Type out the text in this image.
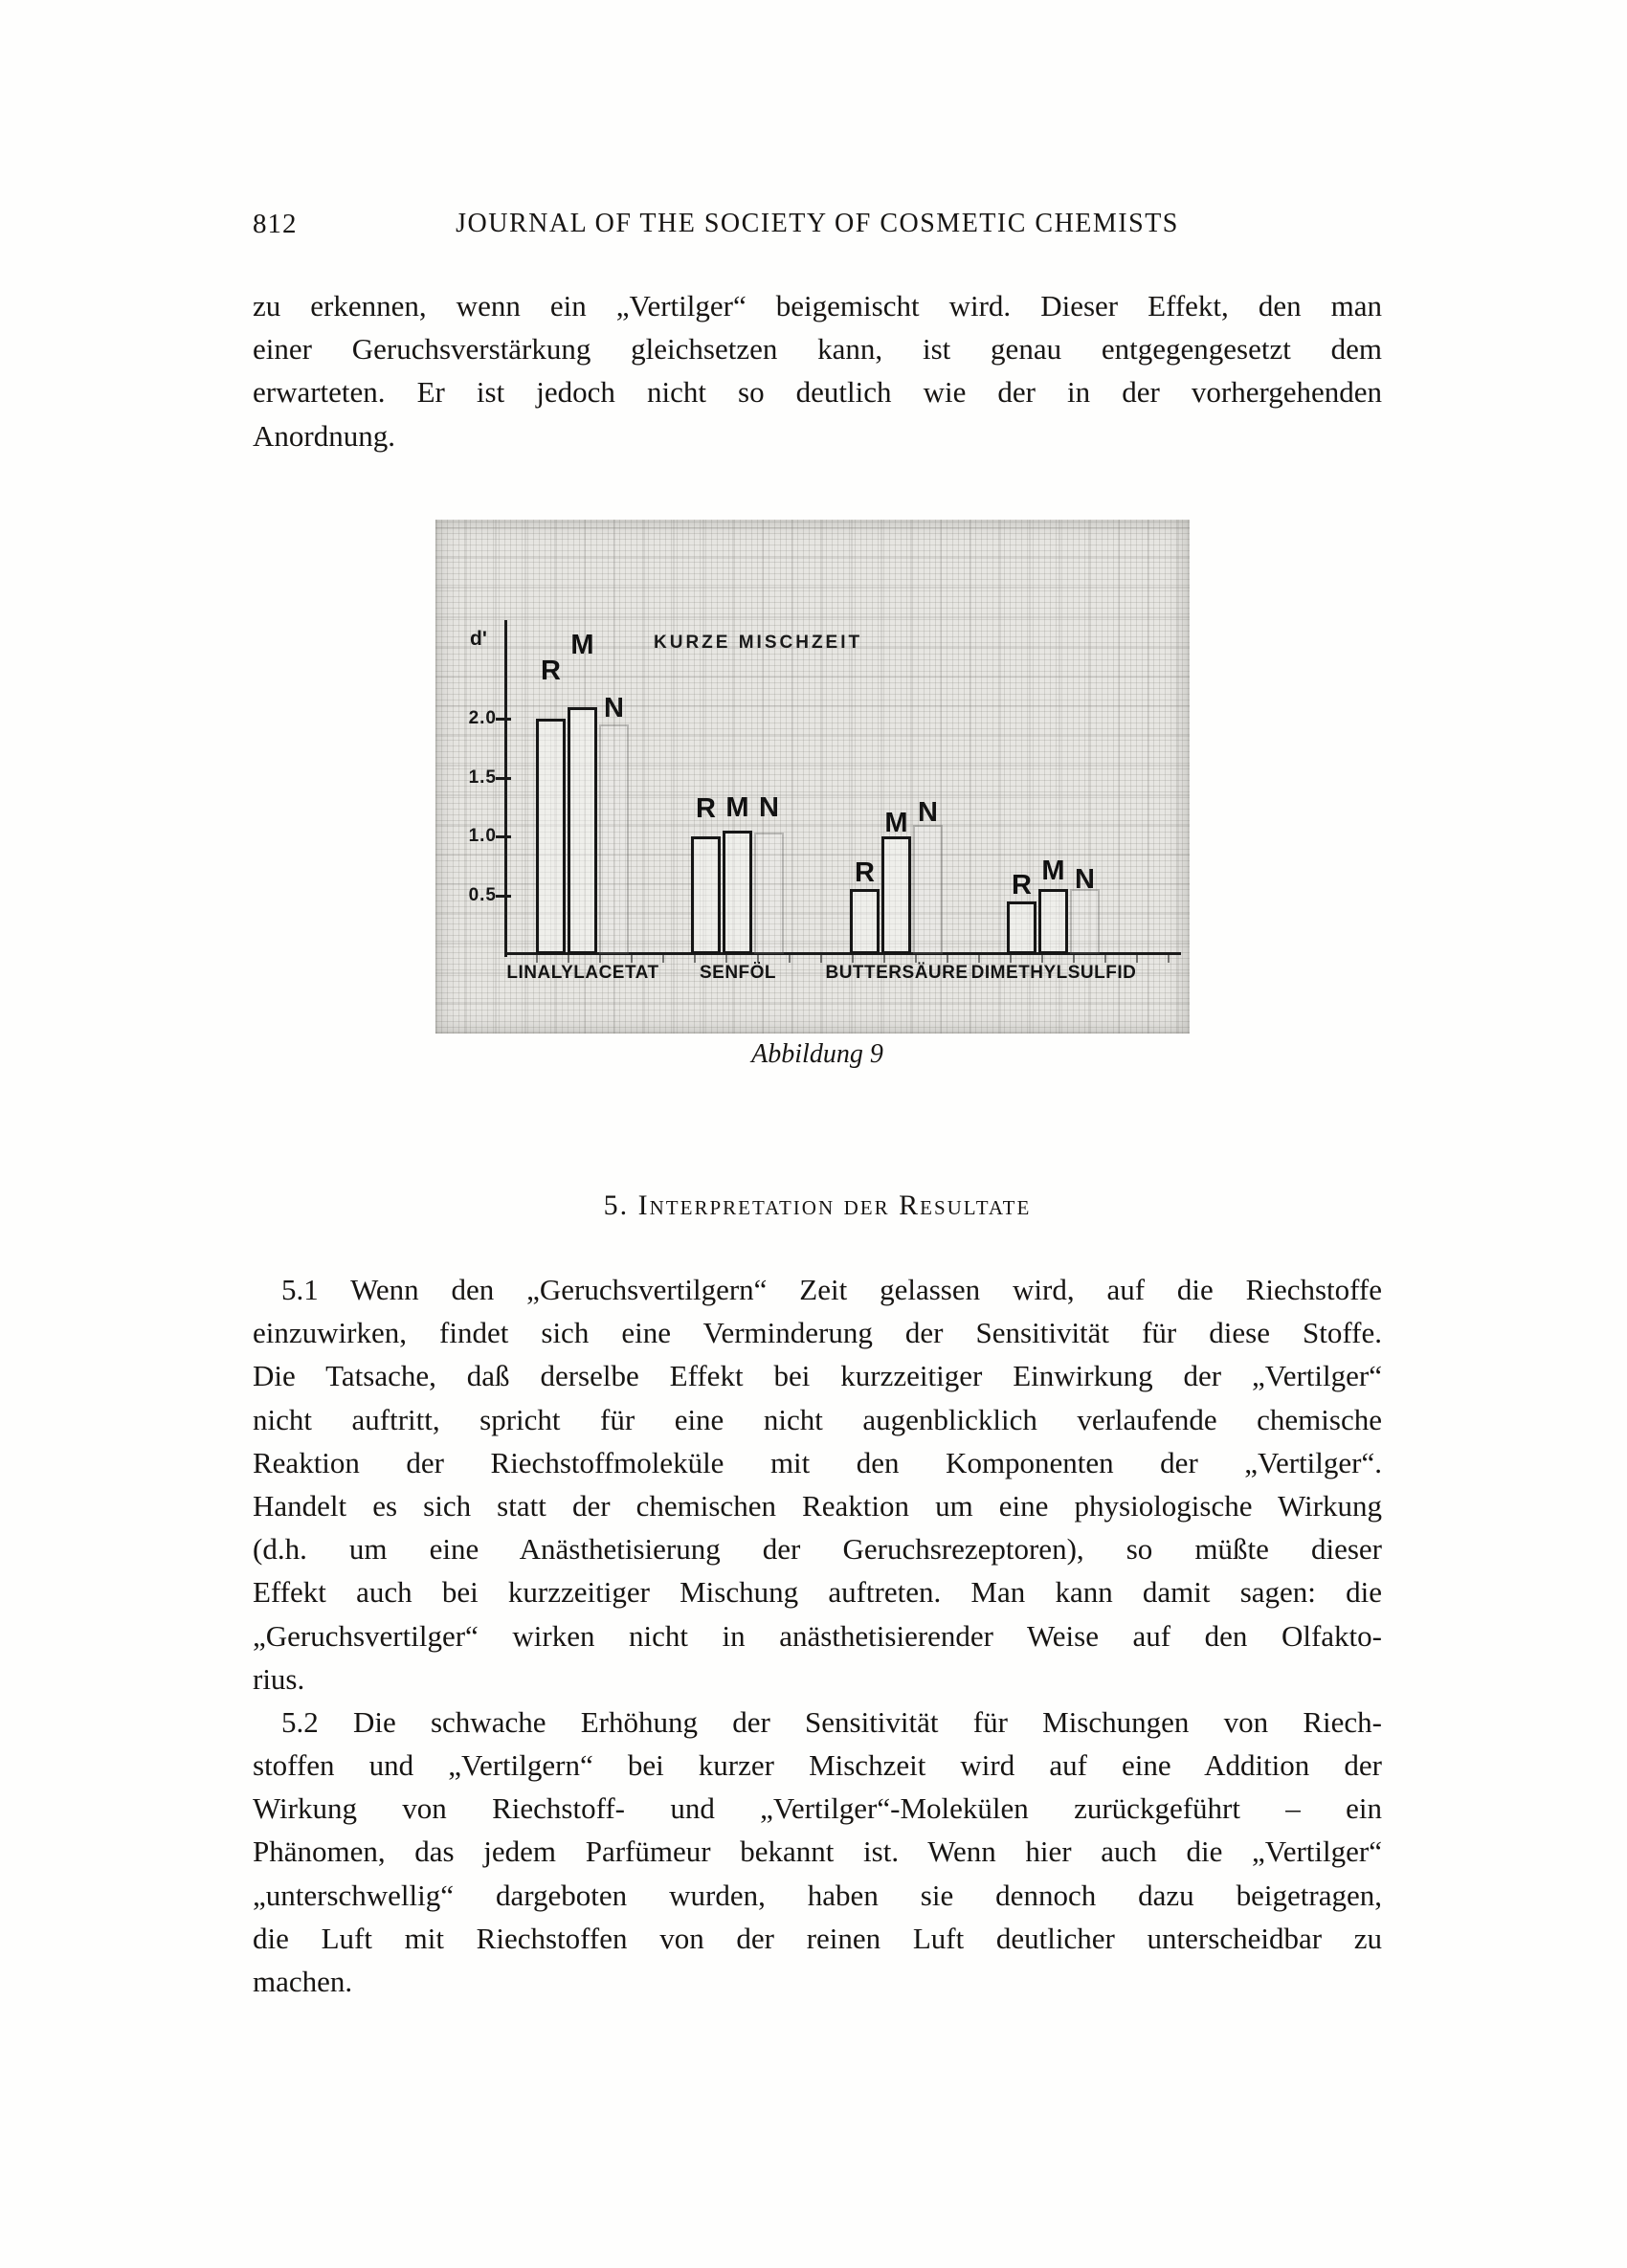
812	JOURNAL OF THE SOCIETY OF COSMETIC CHEMISTS
zu erkennen, wenn ein „Vertilger“ beigemischt wird. Dieser Effekt, den man
einer Geruchsverstärkung gleichsetzen kann, ist genau entgegengesetzt dem
erwarteten. Er ist jedoch nicht so deutlich wie der in der vorhergehenden
Anordnung.
d'	KURZE MISCHZEIT
0.5
1.0
1.5
2.0
R
R
R	R
M
M
M
M
N
N	N
N
LINALYLACETAT	SENFÖL	BUTTERSÄURE DIMETHYLSULFID
Abbildung 9
5. Interpretation der Resultate
5.1 Wenn den „Geruchsvertilgern“ Zeit gelassen wird, auf die Riechstoffe
einzuwirken, findet sich eine Verminderung der Sensitivität für diese Stoffe.
Die Tatsache, daß derselbe Effekt bei kurzzeitiger Einwirkung der „Vertilger“
nicht auftritt, spricht für eine nicht augenblicklich verlaufende chemische
Reaktion der Riechstoffmoleküle mit den Komponenten der „Vertilger“.
Handelt es sich statt der chemischen Reaktion um eine physiologische Wirkung
(d.h. um eine Anästhetisierung der Geruchsrezeptoren), so müßte dieser
Effekt auch bei kurzzeitiger Mischung auftreten. Man kann damit sagen: die
„Geruchsvertilger“ wirken nicht in anästhetisierender Weise auf den Olfakto-
rius.
5.2 Die schwache Erhöhung der Sensitivität für Mischungen von Riech-
stoffen und „Vertilgern“ bei kurzer Mischzeit wird auf eine Addition der
Wirkung von Riechstoff- und „Vertilger“-Molekülen zurückgeführt – ein
Phänomen, das jedem Parfümeur bekannt ist. Wenn hier auch die „Vertilger“
„unterschwellig“ dargeboten wurden, haben sie dennoch dazu beigetragen,
die Luft mit Riechstoffen von der reinen Luft deutlicher unterscheidbar zu
machen.
